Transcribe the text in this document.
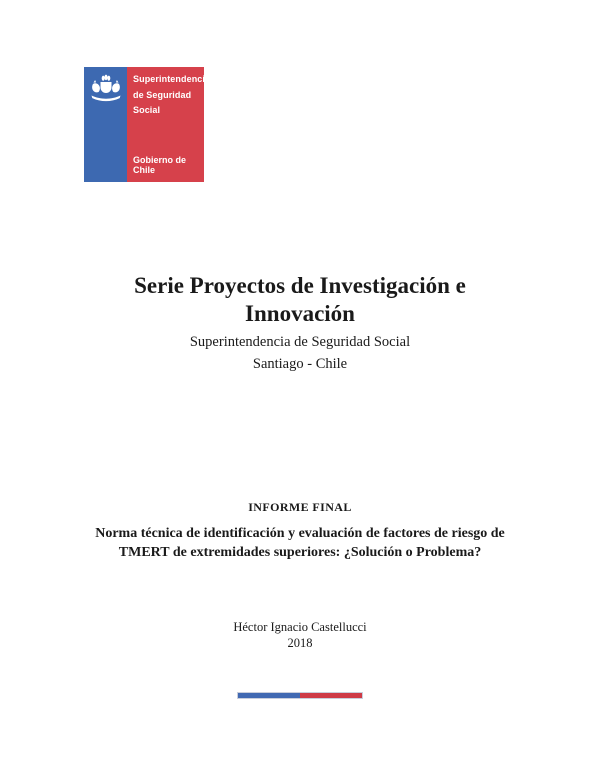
Superintendencia
de Seguridad
Social
Gobierno de Chile
Serie Proyectos de Investigación e Innovación
Superintendencia de Seguridad Social
Santiago - Chile
INFORME FINAL
Norma técnica de identificación y evaluación de factores de riesgo de TMERT de extremidades superiores: ¿Solución o Problema?
Héctor Ignacio Castellucci
2018
